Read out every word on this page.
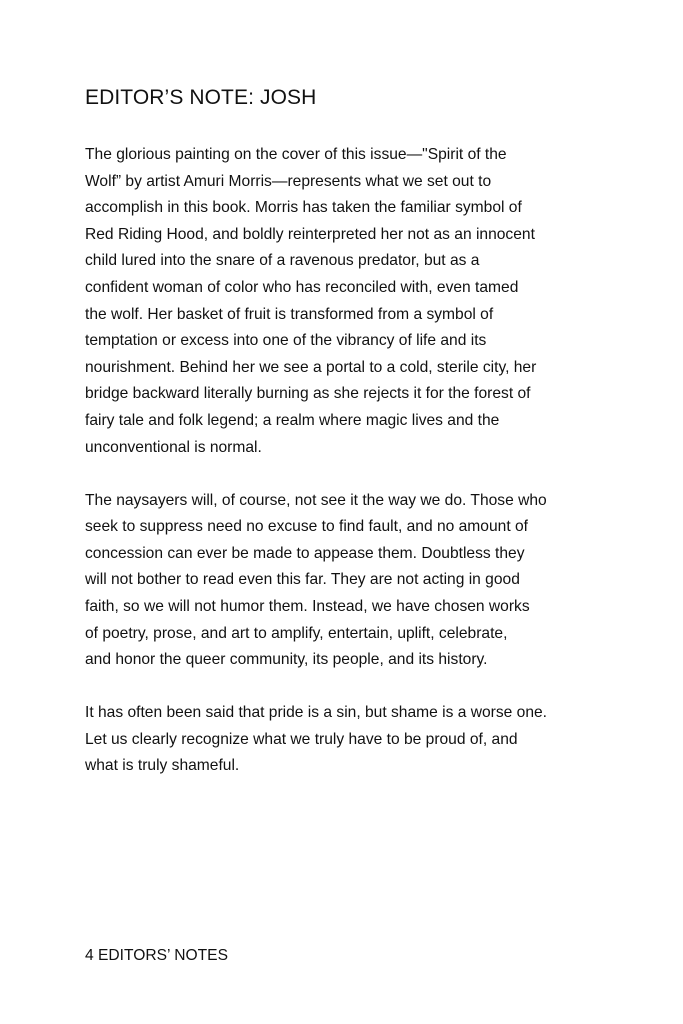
EDITOR’S NOTE: JOSH

The glorious painting on the cover of this issue—"Spirit of the
Wolf” by artist Amuri Morris—represents what we set out to
accomplish in this book. Morris has taken the familiar symbol of
Red Riding Hood, and boldly reinterpreted her not as an innocent
child lured into the snare of a ravenous predator, but as a
confident woman of color who has reconciled with, even tamed
the wolf. Her basket of fruit is transformed from a symbol of
temptation or excess into one of the vibrancy of life and its
nourishment. Behind her we see a portal to a cold, sterile city, her
bridge backward literally burning as she rejects it for the forest of
fairy tale and folk legend; a realm where magic lives and the
unconventional is normal.

The naysayers will, of course, not see it the way we do. Those who
seek to suppress need no excuse to find fault, and no amount of
concession can ever be made to appease them. Doubtless they
will not bother to read even this far. They are not acting in good
faith, so we will not humor them. Instead, we have chosen works
of poetry, prose, and art to amplify, entertain, uplift, celebrate,
and honor the queer community, its people, and its history.

It has often been said that pride is a sin, but shame is a worse one.
Let us clearly recognize what we truly have to be proud of, and
what is truly shameful.

4 EDITORS’ NOTES
